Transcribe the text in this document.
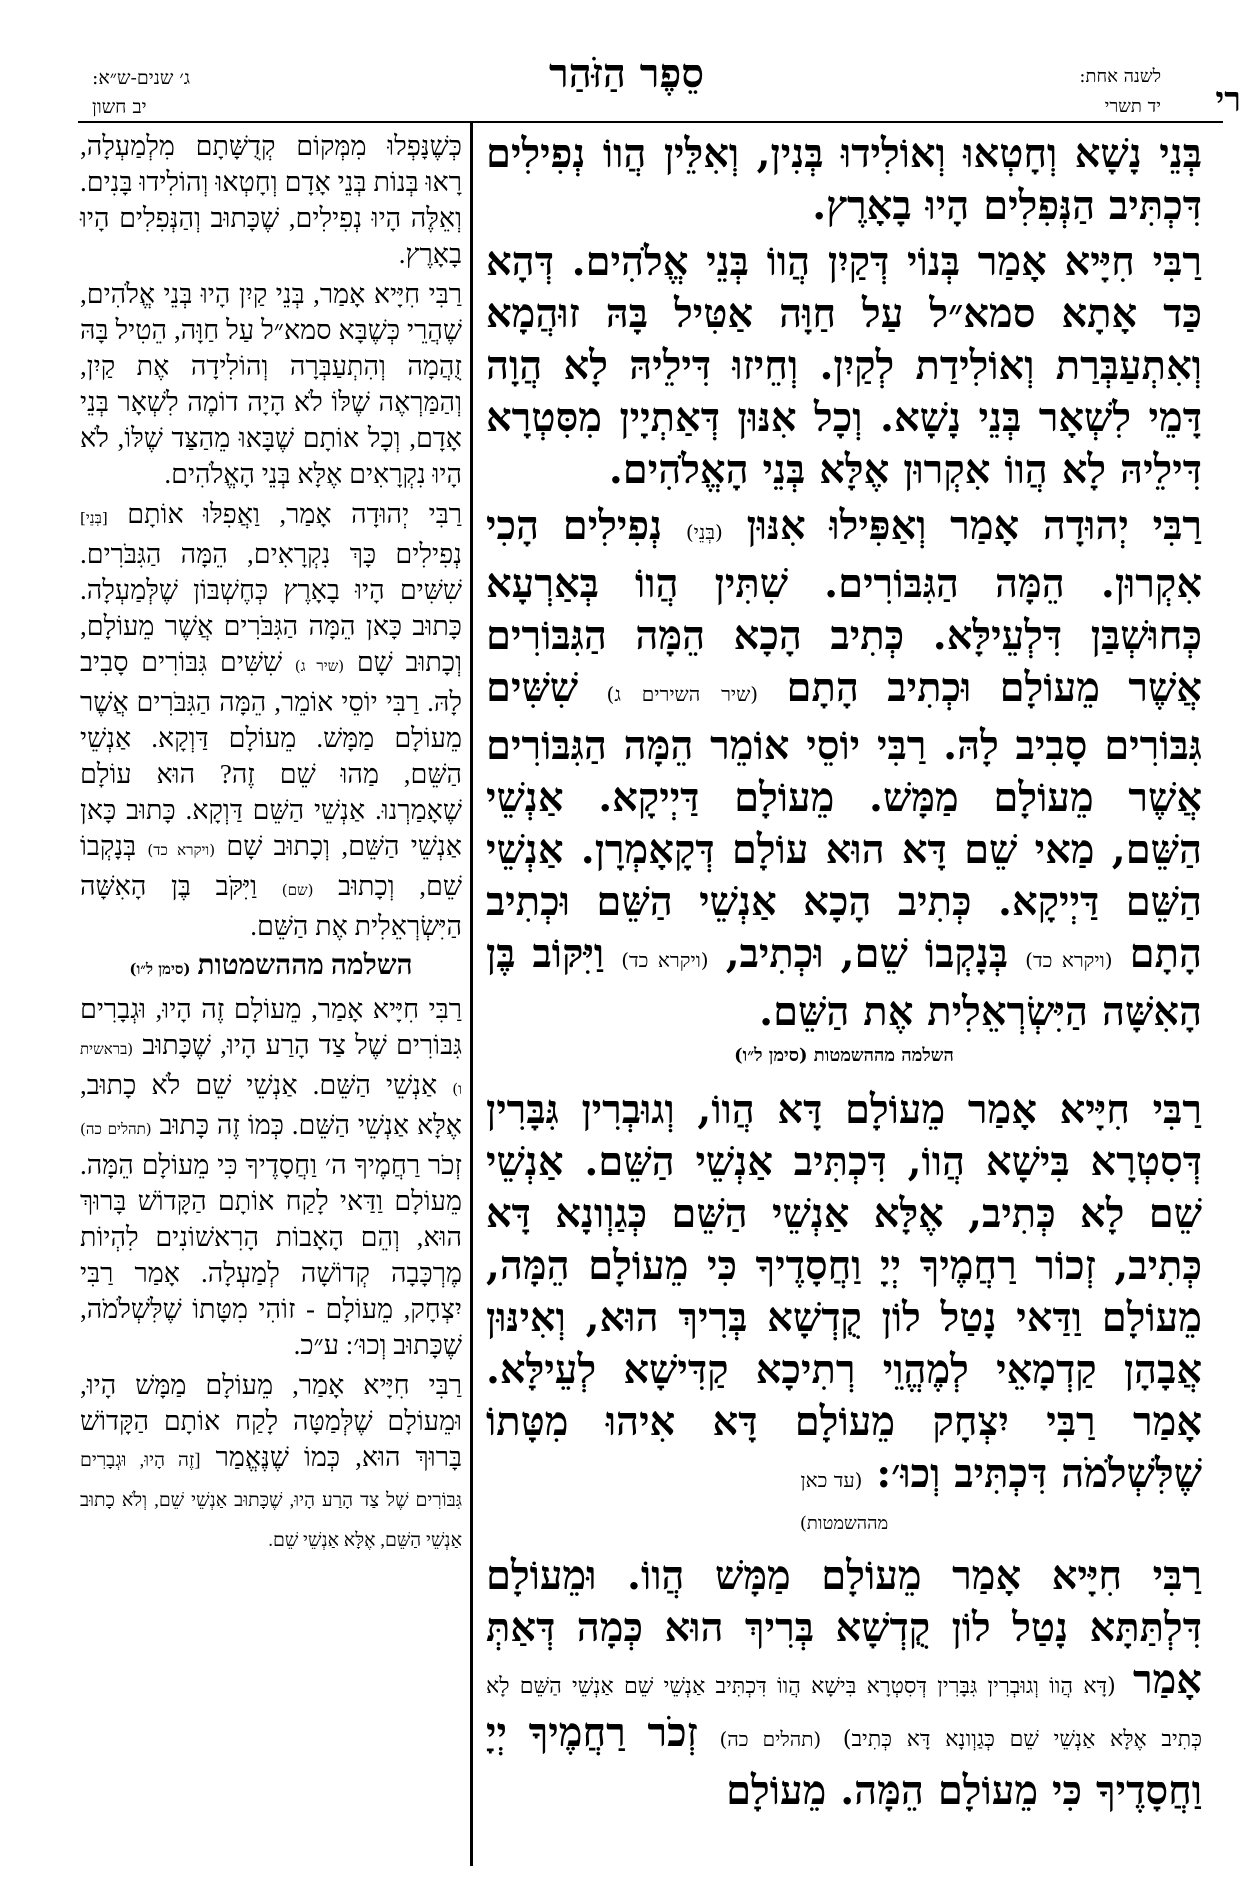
רי
לשנה אחת:
יד תשרי
סֵפֶר הַזֹּהַר
ג׳ שנים-ש״א:
יב חשון

בְּנֵי נָשָׁא וְחָטְאוּ וְאוֹלִידוּ בְּנִין, וְאִלֵּין הֲווֹ נְפִילִים דִּכְתִּיב הַנְּפִלִים הָיוּ בָאָרֶץ.

רַבִּי חִיָּיא אָמַר בְּנוֹי דְּקַיִן הֲווֹ בְּנֵי אֱלֹהִים. דְּהָא כַּד אָתָא סמא״ל עַל חַוָּה אַטִּיל בָּהּ זוּהֲמָא וְאִתְעַבְּרַת וְאוֹלִידַת לְקַיִן. וְחֵיזוּ דִּילֵיהּ לָא הֲוָה דָּמֵי לִשְׁאָר בְּנֵי נָשָׁא. וְכָל אִנּוּן דְּאַתְיָין מִסִּטְרָא דִּילֵיהּ לָא הֲווֹ אִקְרוּן אֶלָּא בְּנֵי הָאֱלֹהִים.

רַבִּי יְהוּדָה אָמַר וְאַפִּילוּ אִנּוּן (בְּנֵי) נְפִילִים הָכִי אִקְרוּן. הֵמָּה הַגִּבּוֹרִים. שִׁתִּין הֲווֹ בְּאַרְעָא כְּחוּשְׁבַּן דִּלְעֵילָּא. כְּתִיב הָכָא הֵמָּה הַגִּבּוֹרִים אֲשֶׁר מֵעוֹלָם וּכְתִיב הָתָם (שיר השירים ג) שִׁשִּׁים גִּבּוֹרִים סָבִיב לָהּ. רַבִּי יוֹסֵי אוֹמֵר הֵמָּה הַגִּבּוֹרִים אֲשֶׁר מֵעוֹלָם מַמָּשׁ. מֵעוֹלָם דַּיְיקָא. אַנְשֵׁי הַשֵּׁם, מַאי שֵׁם דָּא הוּא עוֹלָם דְּקָאָמְרָן. אַנְשֵׁי הַשֵּׁם דַּיְיקָא. כְּתִיב הָכָא אַנְשֵׁי הַשֵּׁם וּכְתִיב הָתָם (ויקרא כד) בְּנָקְבוֹ שֵׁם, וּכְתִיב, (ויקרא כד) וַיִּקּוֹב בֶּן הָאִשָּׁה הַיִּשְׂרְאֵלִית אֶת הַשֵּׁם.

השלמה מההשמטות (סימן ל״ו)

רַבִּי חִיָּיא אָמַר מֵעוֹלָם דָּא הֲווֹ, וְגוּבְרִין גִּבָּרִין דְּסִטְרָא בִּישָׁא הֲווֹ, דִּכְתִּיב אַנְשֵׁי הַשֵּׁם. אַנְשֵׁי שֵׁם לָא כְּתִיב, אֶלָּא אַנְשֵׁי הַשֵּׁם כְּגַוְונָא דָּא כְּתִיב, זְכוֹר רַחֲמֶיךָ יְיָ וַחֲסָדֶיךָ כִּי מֵעוֹלָם הֵמָּה, מֵעוֹלָם וַדַּאי נָטַל לוֹן קֻדְשָׁא בְּרִיךְ הוּא, וְאִינּוּן אֲבָהָן קַדְמָאֵי לְמֶהֱוֵי רְתִיכָא קַדִּישָׁא לְעֵילָּא. אָמַר רַבִּי יִצְחָק מֵעוֹלָם דָּא אִיהוּ מִטָּתוֹ שֶׁלִּשְׁלֹמֹה דִּכְתִּיב וְכוּ׳: (עד כאן

מההשמטות)

רַבִּי חִיָּיא אָמַר מֵעוֹלָם מַמָּשׁ הֲווֹ. וּמֵעוֹלָם דִּלְתַּתָּא נָטַל לוֹן קֻדְשָׁא בְּרִיךְ הוּא כְּמָה דְּאַתְּ אָמַר (דָּא הֲווֹ וְגוּבְרִין גִּבָּרִין דְּסִטְרָא בִּישָׁא הֲווֹ דִּכְתִּיב אַנְשֵׁי שֵׁם אַנְשֵׁי הַשֵּׁם לָא כְּתִיב אֶלָּא אַנְשֵׁי שֵׁם כְּגַוְונָא דָּא כְּתִיב) (תהלים כה) זְכֹר רַחֲמֶיךָ יְיָ וַחֲסָדֶיךָ כִּי מֵעוֹלָם הֵמָּה. מֵעוֹלָם

כְּשֶׁנָּפְלוּ מִמְּקוֹם קְדֻשָּׁתָם מִלְמַעְלָה, רָאוּ בְּנוֹת בְּנֵי אָדָם וְחָטְאוּ וְהוֹלִידוּ בָּנִים. וְאֵלֶּה הָיוּ נְפִילִים, שֶׁכָּתוּב וְהַנְּפִלִים הָיוּ בָאָרֶץ.

רַבִּי חִיָּיא אָמַר, בְּנֵי קַיִן הָיוּ בְּנֵי אֱלֹהִים, שֶׁהֲרֵי כְּשֶׁבָּא סמא״ל עַל חַוָּה, הֵטִיל בָּהּ זֻהֲמָה וְהִתְעַבְּרָה וְהוֹלִידָה אֶת קַיִן, וְהַמַּרְאֶה שֶׁלּוֹ לֹא הָיָה דוֹמֶה לִשְׁאָר בְּנֵי אָדָם, וְכָל אוֹתָם שֶׁבָּאוּ מֵהַצַּד שֶׁלּוֹ, לֹא הָיוּ נִקְרָאִים אֶלָּא בְּנֵי הָאֱלֹהִים.

רַבִּי יְהוּדָה אָמַר, וַאֲפִלּוּ אוֹתָם [בְּנֵי] נְפִילִים כָּךְ נִקְרָאִים, הֵמָּה הַגִּבֹּרִים. שִׁשִּׁים הָיוּ בָאָרֶץ כְּחֶשְׁבּוֹן שֶׁלְּמַעְלָה. כָּתוּב כָּאן הֵמָּה הַגִּבֹּרִים אֲשֶׁר מֵעוֹלָם, וְכָתוּב שָׁם (שיר ג) שִׁשִּׁים גִּבּוֹרִים סָבִיב לָהּ. רַבִּי יוֹסֵי אוֹמֵר, הֵמָּה הַגִּבֹּרִים אֲשֶׁר מֵעוֹלָם מַמָּשׁ. מֵעוֹלָם דַּוְקָא. אַנְשֵׁי הַשֵּׁם, מַהוּ שֵׁם זֶה? הוּא עוֹלָם שֶׁאָמַרְנוּ. אַנְשֵׁי הַשֵּׁם דַּוְקָא. כָּתוּב כָּאן אַנְשֵׁי הַשֵּׁם, וְכָתוּב שָׁם (ויקרא כד) בְּנָקְבוֹ שֵׁם, וְכָתוּב (שם) וַיִּקֹּב בֶּן הָאִשָּׁה הַיִּשְׂרְאֵלִית אֶת הַשֵּׁם.

השלמה מההשמטות (סימן ל״ו)

רַבִּי חִיָּיא אָמַר, מֵעוֹלָם זֶה הָיוּ, וּגְבָרִים גִּבּוֹרִים שֶׁל צַד הָרַע הָיוּ, שֶׁכָּתוּב (בראשית ו) אַנְשֵׁי הַשֵּׁם. אַנְשֵׁי שֵׁם לֹא כָתוּב, אֶלָּא אַנְשֵׁי הַשֵּׁם. כְּמוֹ זֶה כָּתוּב (תהלים כה) זְכֹר רַחֲמֶיךָ ה׳ וַחֲסָדֶיךָ כִּי מֵעוֹלָם הֵמָּה. מֵעוֹלָם וַדַּאי לָקַח אוֹתָם הַקָּדוֹשׁ בָּרוּךְ הוּא, וְהֵם הָאָבוֹת הָרִאשׁוֹנִים לִהְיוֹת מֶרְכָּבָה קְדוֹשָׁה לְמַעְלָה. אָמַר רַבִּי יִצְחָק, מֵעוֹלָם - זוֹהִי מִטָּתוֹ שֶׁלִּשְׁלֹמֹה, שֶׁכָּתוּב וְכוּ׳: ע״כ.

רַבִּי חִיָּיא אָמַר, מֵעוֹלָם מַמָּשׁ הָיוּ, וּמֵעוֹלָם שֶׁלְּמַטָּה לָקַח אוֹתָם הַקָּדוֹשׁ בָּרוּךְ הוּא, כְּמוֹ שֶׁנֶּאֱמַר [זֶה הָיוּ, וּגְבָרִים גִּבּוֹרִים שֶׁל צַד הָרַע הָיוּ, שֶׁכָּתוּב אַנְשֵׁי שֵׁם, וְלֹא כָתוּב אַנְשֵׁי הַשֵּׁם, אֶלָּא אַנְשֵׁי שֵׁם.
